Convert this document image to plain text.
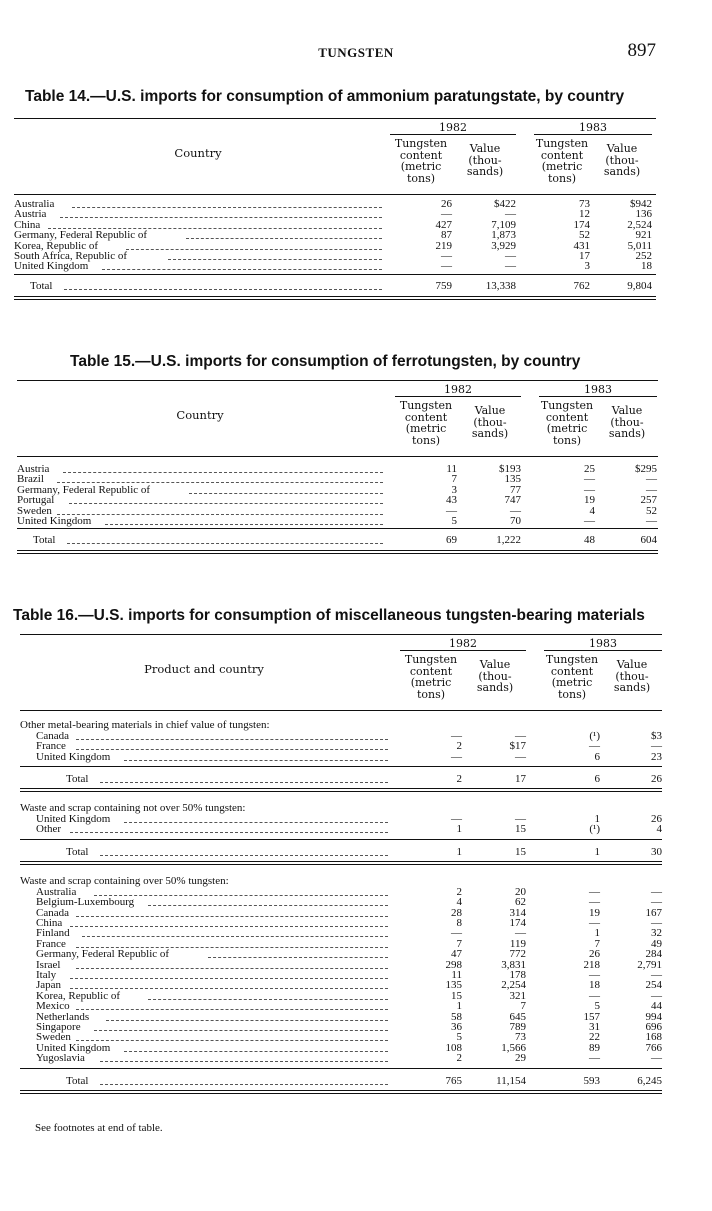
TUNGSTEN	897
Table 14.—U.S. imports for consumption of ammonium paratungstate, by country
1982	1983
Country
Tungsten
content
(metric
tons)
Value
(thou-
sands)
Tungsten
content
(metric
tons)
Value
(thou-
sands)
Australia	26	$422	73	$942
Austria	—	—	12	136
China	427	7,109	174	2,524
Germany, Federal Republic of	87	1,873	52	921
Korea, Republic of	219	3,929	431	5,011
South Africa, Republic of	—	—	17	252
United Kingdom	—	—	3	18
Total	759	13,338	762	9,804
Table 15.—U.S. imports for consumption of ferrotungsten, by country
1982	1983
Country
Tungsten
content
(metric
tons)
Value
(thou-
sands)
Tungsten
content
(metric
tons)
Value
(thou-
sands)
Austria	11	$193	25	$295
Brazil	7	135	—	—
Germany, Federal Republic of	3	77	—	—
Portugal	43	747	19	257
Sweden	—	—	4	52
United Kingdom	5	70	—	—
Total	69	1,222	48	604
Table 16.—U.S. imports for consumption of miscellaneous tungsten-bearing materials
1982	1983
Product and country
Tungsten
content
(metric
tons)
Value
(thou-
sands)
Tungsten
content
(metric
tons)
Value
(thou-
sands)
Other metal-bearing materials in chief value of tungsten:
Canada	—	—	(¹)	$3
France	2	$17	—	—
United Kingdom	—	—	6	23
Total	2	17	6	26
Waste and scrap containing not over 50% tungsten:
United Kingdom	—	—	1	26
Other	1	15	(¹)	4
Total	1	15	1	30
Waste and scrap containing over 50% tungsten:
Australia	2	20	—	—
Belgium-Luxembourg	4	62	—	—
Canada	28	314	19	167
China	8	174	—	—
Finland	—	—	1	32
France	7	119	7	49
Germany, Federal Republic of	47	772	26	284
Israel	298	3,831	218	2,791
Italy	11	178	—	—
Japan	135	2,254	18	254
Korea, Republic of	15	321	—	—
Mexico	1	7	5	44
Netherlands	58	645	157	994
Singapore	36	789	31	696
Sweden	5	73	22	168
United Kingdom	108	1,566	89	766
Yugoslavia	2	29	—	—
Total	765	11,154	593	6,245
See footnotes at end of table.
